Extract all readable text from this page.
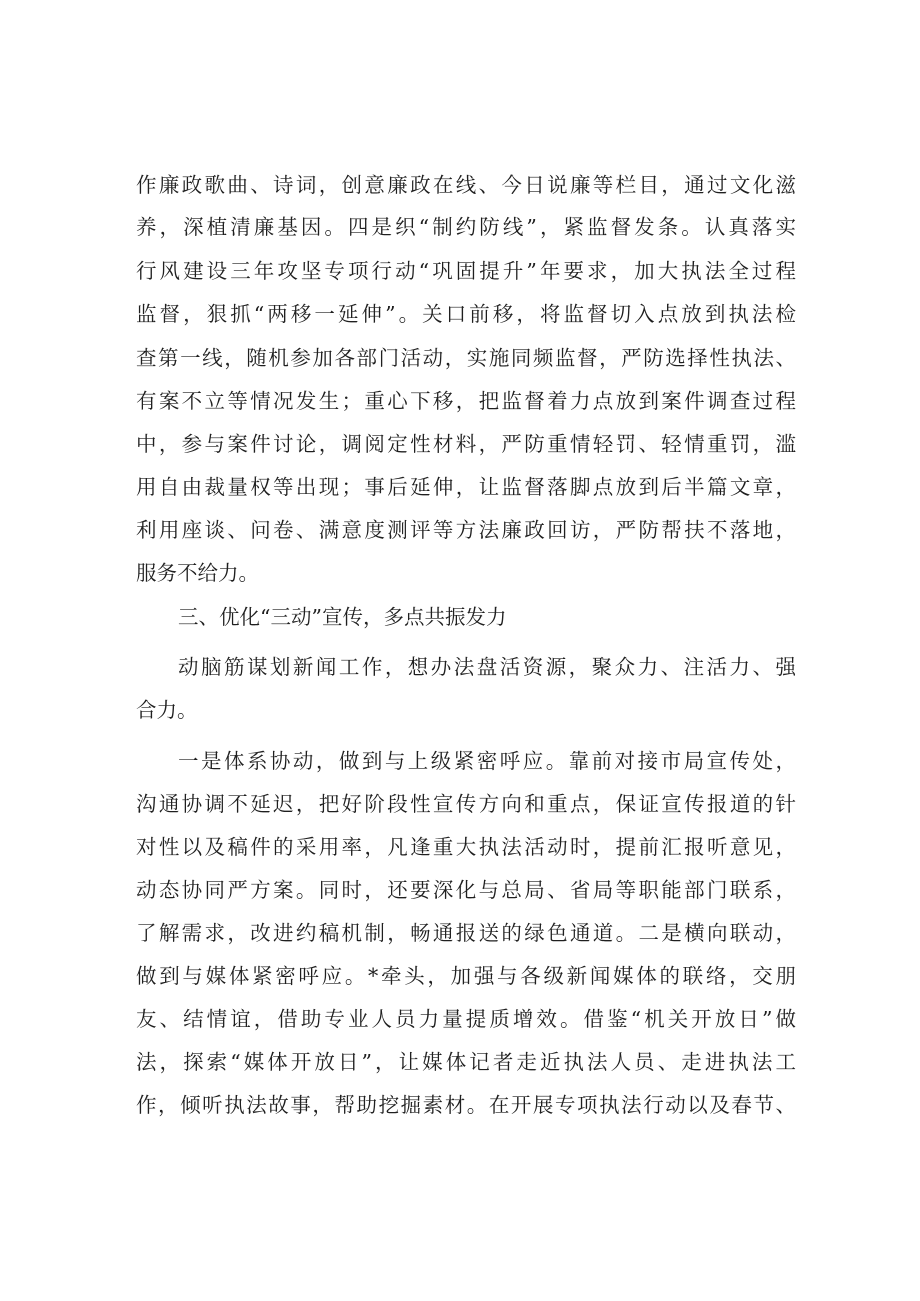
作廉政歌曲、诗词，创意廉政在线、今日说廉等栏目，通过文化滋
养，深植清廉基因。四是织“制约防线”，紧监督发条。认真落实
行风建设三年攻坚专项行动“巩固提升”年要求，加大执法全过程
监督，狠抓“两移一延伸”。关口前移，将监督切入点放到执法检
查第一线，随机参加各部门活动，实施同频监督，严防选择性执法、
有案不立等情况发生；重心下移，把监督着力点放到案件调查过程
中，参与案件讨论，调阅定性材料，严防重情轻罚、轻情重罚，滥
用自由裁量权等出现；事后延伸，让监督落脚点放到后半篇文章，
利用座谈、问卷、满意度测评等方法廉政回访，严防帮扶不落地，
服务不给力。
三、优化“三动”宣传，多点共振发力
动脑筋谋划新闻工作，想办法盘活资源，聚众力、注活力、强
合力。
一是体系协动，做到与上级紧密呼应。靠前对接市局宣传处，
沟通协调不延迟，把好阶段性宣传方向和重点，保证宣传报道的针
对性以及稿件的采用率，凡逢重大执法活动时，提前汇报听意见，
动态协同严方案。同时，还要深化与总局、省局等职能部门联系，
了解需求，改进约稿机制，畅通报送的绿色通道。二是横向联动，
做到与媒体紧密呼应。*牵头，加强与各级新闻媒体的联络，交朋
友、结情谊，借助专业人员力量提质增效。借鉴“机关开放日”做
法，探索“媒体开放日”，让媒体记者走近执法人员、走进执法工
作，倾听执法故事，帮助挖掘素材。在开展专项执法行动以及春节、
